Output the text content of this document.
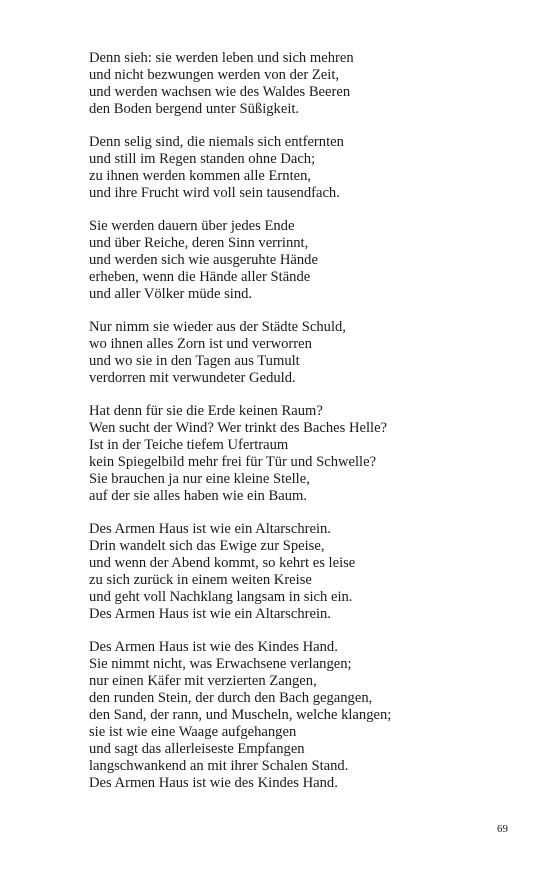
Denn sieh: sie werden leben und sich mehren
und nicht bezwungen werden von der Zeit,
und werden wachsen wie des Waldes Beeren
den Boden bergend unter Süßigkeit.
Denn selig sind, die niemals sich entfernten
und still im Regen standen ohne Dach;
zu ihnen werden kommen alle Ernten,
und ihre Frucht wird voll sein tausendfach.
Sie werden dauern über jedes Ende
und über Reiche, deren Sinn verrinnt,
und werden sich wie ausgeruhte Hände
erheben, wenn die Hände aller Stände
und aller Völker müde sind.
Nur nimm sie wieder aus der Städte Schuld,
wo ihnen alles Zorn ist und verworren
und wo sie in den Tagen aus Tumult
verdorren mit verwundeter Geduld.
Hat denn für sie die Erde keinen Raum?
Wen sucht der Wind? Wer trinkt des Baches Helle?
Ist in der Teiche tiefem Ufertraum
kein Spiegelbild mehr frei für Tür und Schwelle?
Sie brauchen ja nur eine kleine Stelle,
auf der sie alles haben wie ein Baum.
Des Armen Haus ist wie ein Altarschrein.
Drin wandelt sich das Ewige zur Speise,
und wenn der Abend kommt, so kehrt es leise
zu sich zurück in einem weiten Kreise
und geht voll Nachklang langsam in sich ein.
Des Armen Haus ist wie ein Altarschrein.
Des Armen Haus ist wie des Kindes Hand.
Sie nimmt nicht, was Erwachsene verlangen;
nur einen Käfer mit verzierten Zangen,
den runden Stein, der durch den Bach gegangen,
den Sand, der rann, und Muscheln, welche klangen;
sie ist wie eine Waage aufgehangen
und sagt das allerleiseste Empfangen
langschwankend an mit ihrer Schalen Stand.
Des Armen Haus ist wie des Kindes Hand.
69
